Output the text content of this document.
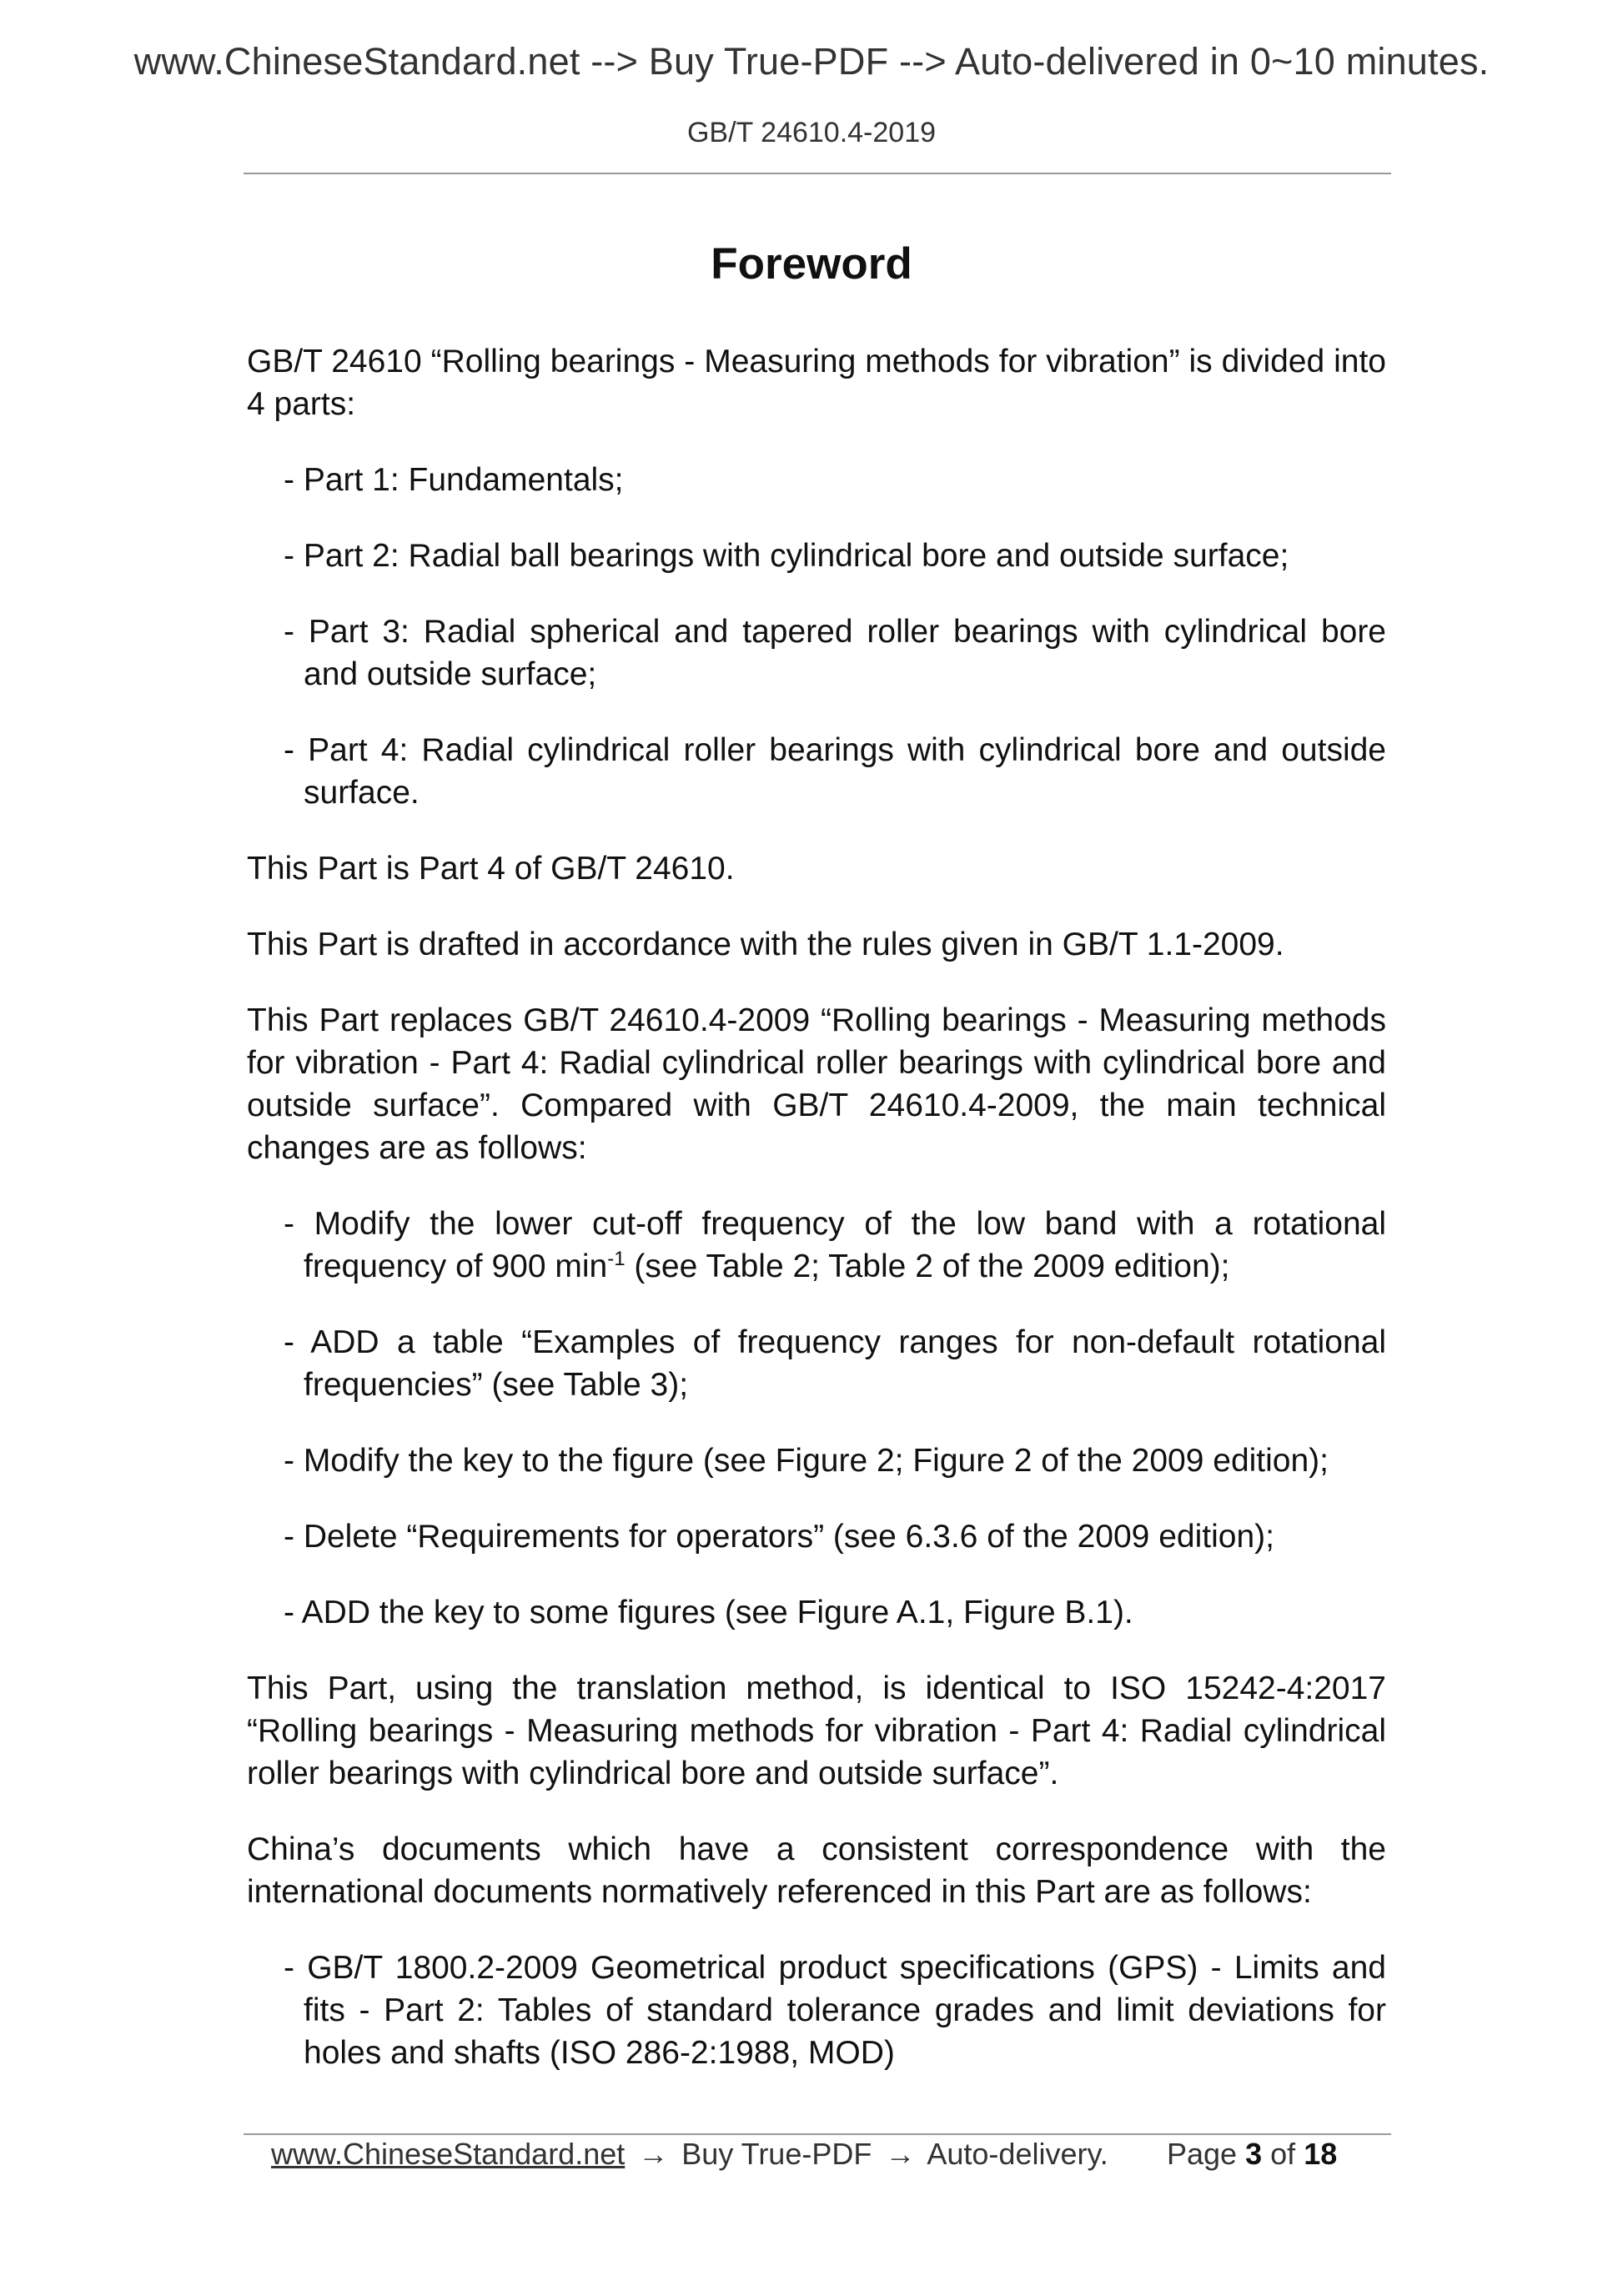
www.ChineseStandard.net --> Buy True-PDF --> Auto-delivered in 0~10 minutes.
GB/T 24610.4-2019
Foreword

GB/T 24610 “Rolling bearings - Measuring methods for vibration” is divided into 4 parts:

- Part 1: Fundamentals;

- Part 2: Radial ball bearings with cylindrical bore and outside surface;

- Part 3: Radial spherical and tapered roller bearings with cylindrical bore and outside surface;

- Part 4: Radial cylindrical roller bearings with cylindrical bore and outside surface.

This Part is Part 4 of GB/T 24610.

This Part is drafted in accordance with the rules given in GB/T 1.1-2009.

This Part replaces GB/T 24610.4-2009 “Rolling bearings - Measuring methods for vibration - Part 4: Radial cylindrical roller bearings with cylindrical bore and outside surface”. Compared with GB/T 24610.4-2009, the main technical changes are as follows:

- Modify the lower cut-off frequency of the low band with a rotational frequency of 900 $\min^{-1} (see$ Table 2; Table 2 of the 2009 edition);

- ADD a table “Examples of frequency ranges for non-default rotational frequencies” (see Table 3);

- Modify the key to the figure (see Figure 2; Figure 2 of the 2009 edition);

- Delete “Requirements for operators” (see 6.3.6 of the 2009 edition);

- ADD the key to some figures (see Figure A.1, Figure B.1).

This Part, using the translation method, is identical to ISO 15242-4:2017 “Rolling bearings - Measuring methods for vibration - Part 4: Radial cylindrical roller bearings with cylindrical bore and outside surface”.

China’s documents which have a consistent correspondence with the international documents normatively referenced in this Part are as follows:

- GB/T 1800.2-2009 Geometrical product specifications (GPS) - Limits and fits - Part 2: Tables of standard tolerance grades and limit deviations for holes and shafts (ISO 286-2:1988, MOD)

www.ChineseStandard.net → Buy True-PDF → Auto-delivery. Page 3 of 18
